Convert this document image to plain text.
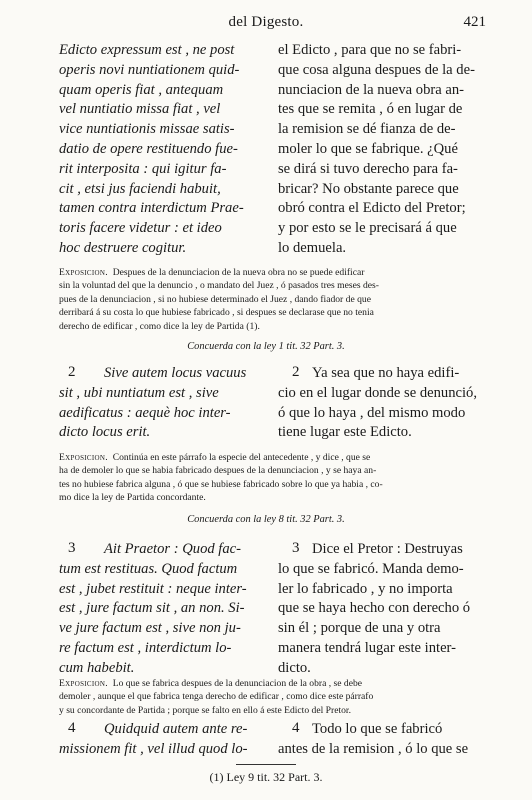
del Digesto.	421
Edicto expressum est , ne post
operis novi nuntiationem quid-
quam operis fiat , antequam
vel nuntiatio missa fiat , vel
vice nuntiationis missae satis-
datio de opere restituendo fue-
rit interposita : qui igitur fa-
cit , etsi jus faciendi habuit,
tamen contra interdictum Prae-
toris facere videtur : et ideo
hoc destruere cogitur.
el Edicto , para que no se fabri-
que cosa alguna despues de la de-
nunciacion de la nueva obra an-
tes que se remita , ó en lugar de
la remision se dé fianza de de-
moler lo que se fabrique. ¿Qué
se dirá si tuvo derecho para fa-
bricar? No obstante parece que
obró contra el Edicto del Pretor;
y por esto se le precisará á que
lo demuela.
Exposicion. Despues de la denunciacion de la nueva obra no se puede edificar
sin la voluntad del que la denuncio , o mandato del Juez , ó pasados tres meses des-
pues de la denunciacion , si no hubiese determinado el Juez , dando fiador de que
derribará á su costa lo que hubiese fabricado , si despues se declarase que no tenia
derecho de edificar , como dice la ley de Partida (1).
Concuerda con la ley 1 tit. 32 Part. 3.
2	Sive autem locus vacuus
sit , ubi nuntiatum est , sive
aedificatus : aequè hoc inter-
dicto locus erit.
2 Ya sea que no haya edifi-
cio en el lugar donde se denunció,
ó que lo haya , del mismo modo
tiene lugar este Edicto.
Exposicion. Continúa en este párrafo la especie del antecedente , y dice , que se
ha de demoler lo que se habia fabricado despues de la denunciacion , y se haya an-
tes no hubiese fabrica alguna , ó que se hubiese fabricado sobre lo que ya habia , co-
mo dice la ley de Partida concordante.
Concuerda con la ley 8 tit. 32 Part. 3.
3	Ait Praetor : Quod fac-
tum est restituas. Quod factum
est , jubet restituit : neque inter-
est , jure factum sit , an non. Si-
ve jure factum est , sive non ju-
re factum est , interdictum lo-
cum habebit.
3 Dice el Pretor : Destruyas
lo que se fabricó. Manda demo-
ler lo fabricado , y no importa
que se haya hecho con derecho ó
sin él ; porque de una y otra
manera tendrá lugar este inter-
dicto.
Exposicion. Lo que se fabrica despues de la denunciacion de la obra , se debe
demoler , aunque el que fabrica tenga derecho de edificar , como dice este párrafo
y su concordante de Partida ; porque se falto en ello á este Edicto del Pretor.
4	Quidquid autem ante re-
missionem fit , vel illud quod lo-
4 Todo lo que se fabricó
antes de la remision , ó lo que se
(1) Ley 9 tit. 32 Part. 3.
